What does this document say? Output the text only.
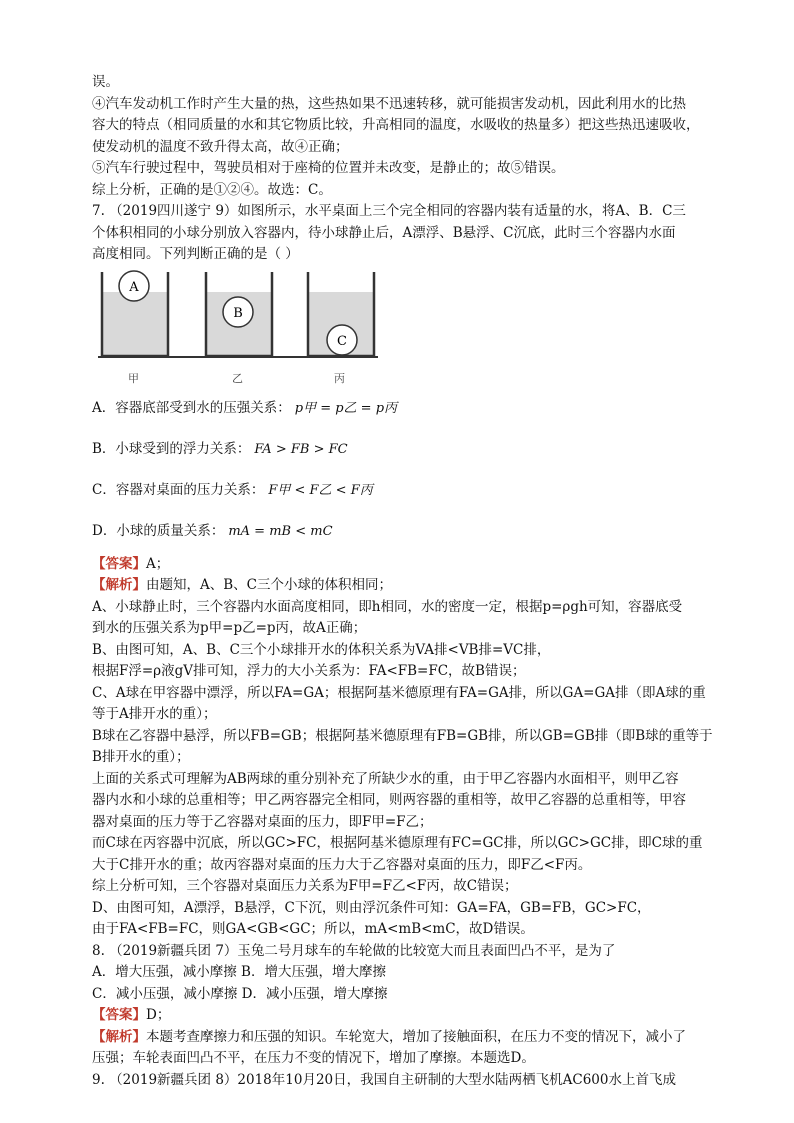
误。

④汽车发动机工作时产生大量的热，这些热如果不迅速转移，就可能损害发动机，因此利用水的比热

容大的特点（相同质量的水和其它物质比较，升高相同的温度，水吸收的热量多）把这些热迅速吸收，

使发动机的温度不致升得太高，故④正确；

⑤汽车行驶过程中，驾驶员相对于座椅的位置并未改变，是静止的；故⑤错误。

综上分析，正确的是①②④。故选：C。

7. （2019四川遂宁 9）如图所示，水平桌面上三个完全相同的容器内装有适量的水，将A、B．C三

个体积相同的小球分别放入容器内，待小球静止后，A漂浮、B悬浮、C沉底，此时三个容器内水面

高度相同。下列判断正确的是（ ）

A
B
C
甲	乙	丙

A．容器底部受到水的压强关系： p甲 = p乙 = p丙

B．小球受到的浮力关系： FA > FB > FC

C．容器对桌面的压力关系： F甲 < F乙 < F丙

D．小球的质量关系： mA = mB < mC

【答案】A；

【解析】由题知，A、B、C三个小球的体积相同；

A、小球静止时，三个容器内水面高度相同，即h相同，水的密度一定，根据p=ρgh可知，容器底受

到水的压强关系为p甲=p乙=p丙，故A正确；

B、由图可知，A、B、C三个小球排开水的体积关系为VA排<VB排=VC排，

根据F浮=ρ液gV排可知，浮力的大小关系为：FA<FB=FC，故B错误；

C、A球在甲容器中漂浮，所以FA=GA；根据阿基米德原理有FA=GA排，所以GA=GA排（即A球的重

等于A排开水的重）；

B球在乙容器中悬浮，所以FB=GB；根据阿基米德原理有FB=GB排，所以GB=GB排（即B球的重等于

B排开水的重）；

上面的关系式可理解为AB两球的重分别补充了所缺少水的重，由于甲乙容器内水面相平，则甲乙容

器内水和小球的总重相等；甲乙两容器完全相同，则两容器的重相等，故甲乙容器的总重相等，甲容

器对桌面的压力等于乙容器对桌面的压力，即F甲=F乙；

而C球在丙容器中沉底，所以GC>FC，根据阿基米德原理有FC=GC排，所以GC>GC排，即C球的重

大于C排开水的重；故丙容器对桌面的压力大于乙容器对桌面的压力，即F乙<F丙。

综上分析可知，三个容器对桌面压力关系为F甲=F乙<F丙，故C错误；

D、由图可知，A漂浮，B悬浮，C下沉，则由浮沉条件可知：GA=FA，GB=FB，GC>FC，

由于FA<FB=FC，则GA<GB<GC；所以，mA<mB<mC，故D错误。

8. （2019新疆兵团 7）玉兔二号月球车的车轮做的比较宽大而且表面凹凸不平，是为了

A．增大压强，减小摩擦 B．增大压强，增大摩擦

C．减小压强，减小摩擦 D．减小压强，增大摩擦

【答案】D；

【解析】本题考查摩擦力和压强的知识。车轮宽大，增加了接触面积，在压力不变的情况下，减小了

压强；车轮表面凹凸不平，在压力不变的情况下，增加了摩擦。本题选D。

9. （2019新疆兵团 8）2018年10月20日，我国自主研制的大型水陆两栖飞机AC600水上首飞成
